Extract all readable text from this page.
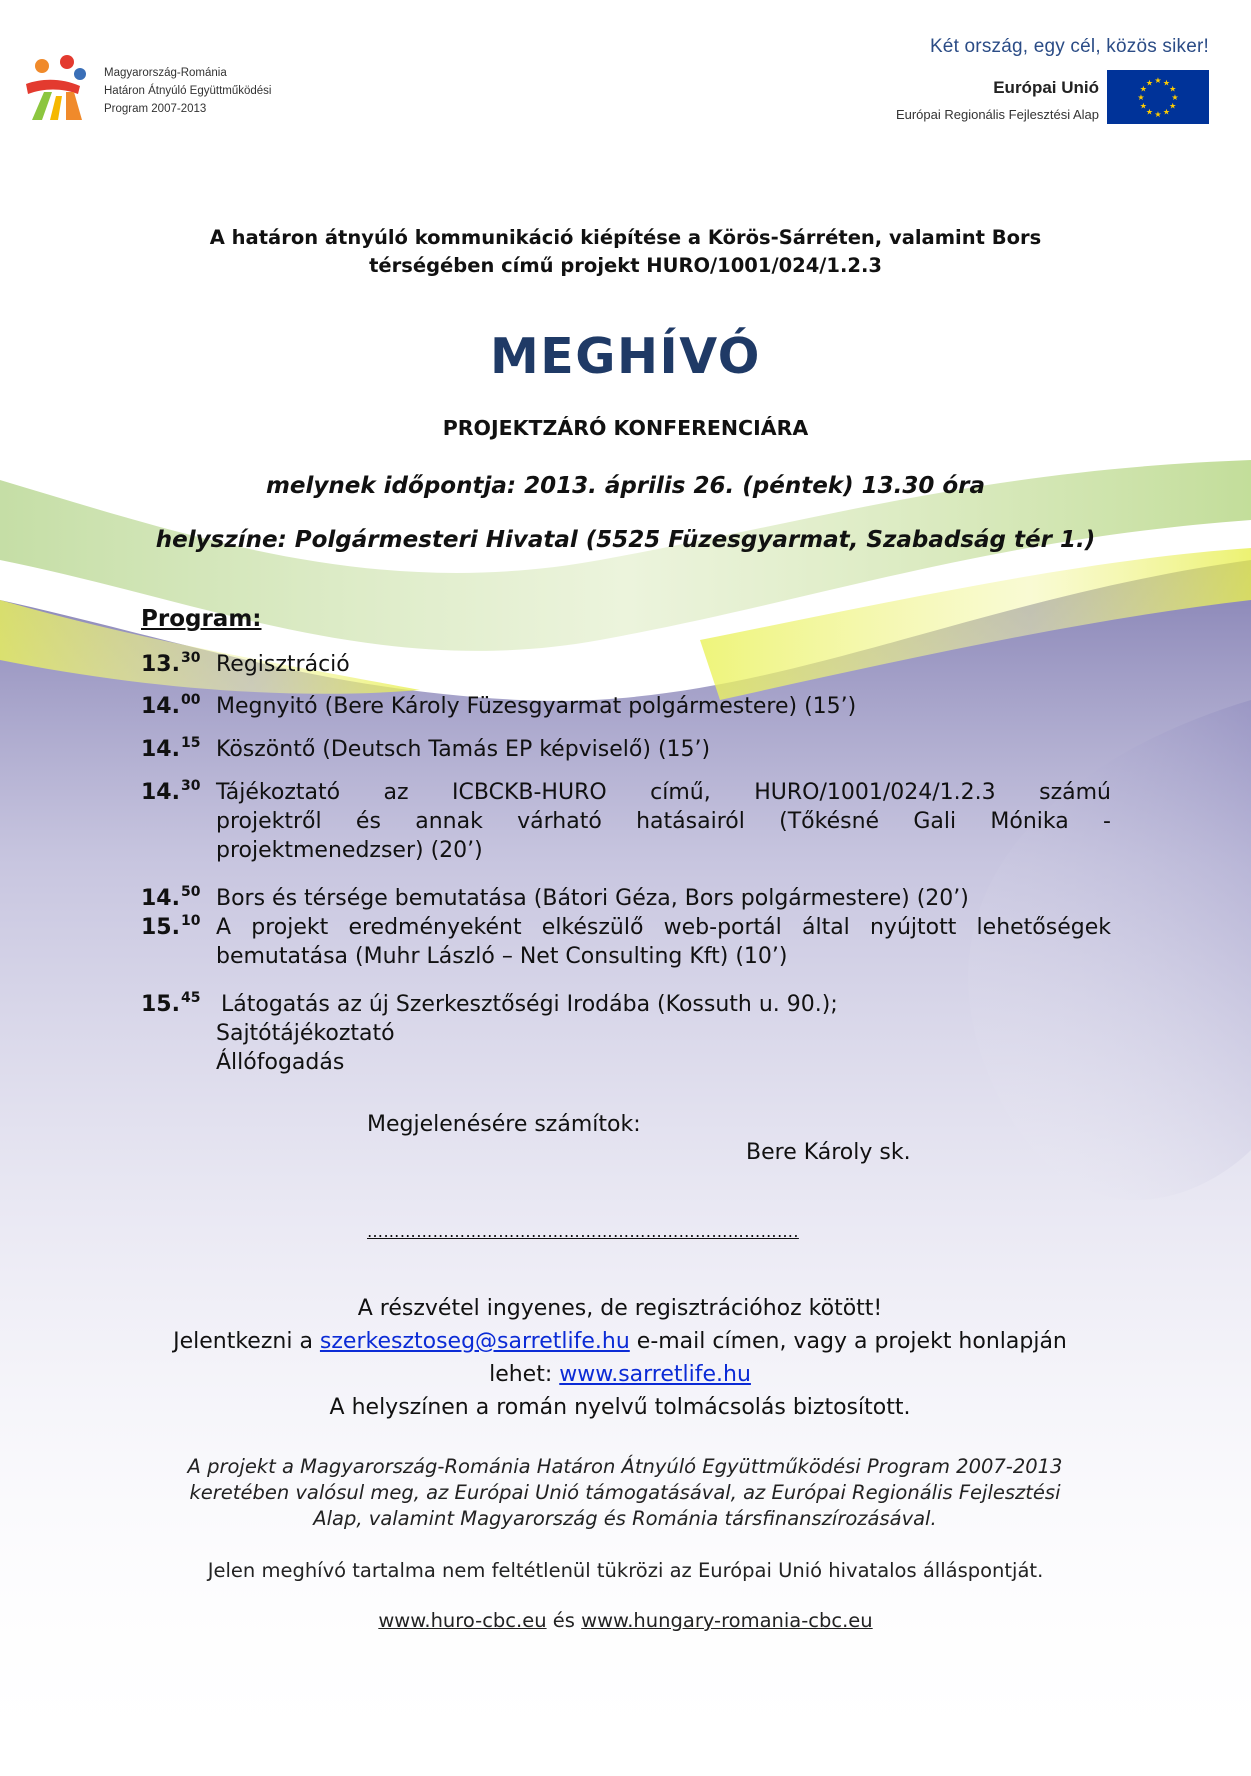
Magyarország-Románia
Határon Átnyúló Együttműködési
Program 2007-2013
Két ország, egy cél, közös siker!
Európai Unió
Európai Regionális Fejlesztési Alap
★ ★
★
★
★
★
★
★
★
★
★
★
A határon átnyúló kommunikáció kiépítése a Körös-Sárréten, valamint Bors
térségében című projekt HURO/1001/024/1.2.3
MEGHÍVÓ
PROJEKTZÁRÓ KONFERENCIÁRA
melynek időpontja: 2013. április 26. (péntek) 13.30 óra
helyszíne: Polgármesteri Hivatal (5525 Füzesgyarmat, Szabadság tér 1.)
Program:
13.30 Regisztráció
14.00 Megnyitó (Bere Károly Füzesgyarmat polgármestere) (15’)
14.15 Köszöntő (Deutsch Tamás EP képviselő) (15’)
14.30 Tájékoztató az ICBCKB-HURO című, HURO/1001/024/1.2.3 számú
projektről és annak várható hatásairól (Tőkésné Gali Mónika -
projektmenedzser) (20’)
14.50 Bors és térsége bemutatása (Bátori Géza, Bors polgármestere) (20’)
15.10 A projekt eredményeként elkészülő web-portál által nyújtott lehetőségek
bemutatása (Muhr László – Net Consulting Kft) (10’)
15.45 Látogatás az új Szerkesztőségi Irodába (Kossuth u. 90.);
Sajtótájékoztató
Állófogadás
Megjelenésére számítok:
Bere Károly sk.
…………………………………………………………………….
A részvétel ingyenes, de regisztrációhoz kötött!
Jelentkezni a szerkesztoseg@sarretlife.hu e-mail címen, vagy a projekt honlapján
lehet: www.sarretlife.hu
A helyszínen a román nyelvű tolmácsolás biztosított.
A projekt a Magyarország-Románia Határon Átnyúló Együttműködési Program 2007-2013
keretében valósul meg, az Európai Unió támogatásával, az Európai Regionális Fejlesztési
Alap, valamint Magyarország és Románia társfinanszírozásával.
Jelen meghívó tartalma nem feltétlenül tükrözi az Európai Unió hivatalos álláspontját.
www.huro-cbc.eu és www.hungary-romania-cbc.eu
